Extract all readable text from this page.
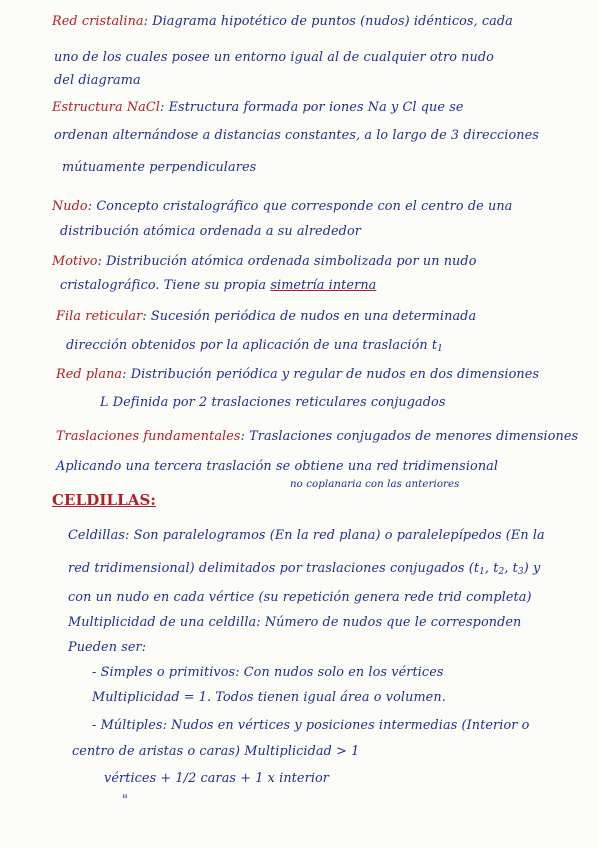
Red cristalina: Diagrama hipotético de puntos (nudos) idénticos, cada
uno de los cuales posee un entorno igual al de cualquier otro nudo
del diagrama
Estructura NaCl: Estructura formada por iones Na y Cl que se
ordenan alternándose a distancias constantes, a lo largo de 3 direcciones
mútuamente perpendiculares
Nudo: Concepto cristalográfico que corresponde con el centro de una
distribución atómica ordenada a su alrededor
Motivo: Distribución atómica ordenada simbolizada por un nudo
cristalográfico. Tiene su propia simetría interna
Fila reticular: Sucesión periódica de nudos en una determinada
dirección obtenidos por la aplicación de una traslación $t_1$
Red plana: Distribución periódica y regular de nudos en dos dimensiones
L Definida por 2 traslaciones reticulares conjugados
Traslaciones fundamentales: Traslaciones conjugados de menores dimensiones
Aplicando una tercera traslación se obtiene una red tridimensional
no coplanaria con las anteriores
CELDILLAS:
Celdillas: Son paralelogramos (En la red plana) o paralelepípedos (En la
red tridimensional) delimitados por traslaciones conjugados ($t_1$, $t_2$, $t_3$) y
con un nudo en cada vértice (su repetición genera rede trid completa)
Multiplicidad de una celdilla: Número de nudos que le corresponden
Pueden ser:
- Simples o primitivos: Con nudos solo en los vértices
Multiplicidad = 1. Todos tienen igual área o volumen.
- Múltiples: Nudos en vértices y posiciones intermedias (Interior o
centro de aristas o caras) Multiplicidad > 1
vértices + 1/2 caras + 1 x interior
"
